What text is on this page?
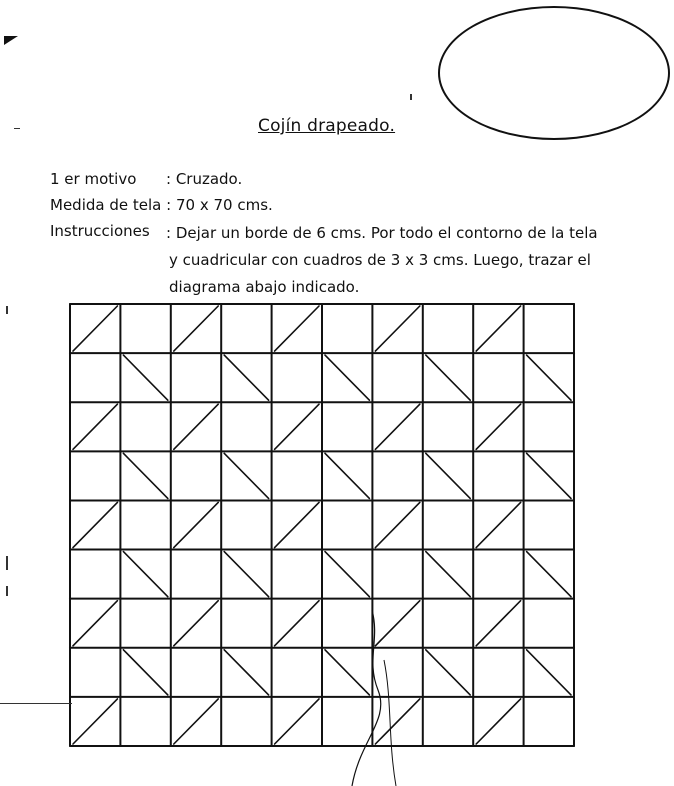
Cojín drapeado.
1 er motivo : Cruzado.
Medida de tela : 70 x 70 cms.
Instrucciones : Dejar un borde de 6 cms. Por todo el contorno de la tela
y cuadricular con cuadros de 3 x 3 cms. Luego, trazar el
diagrama abajo indicado.
